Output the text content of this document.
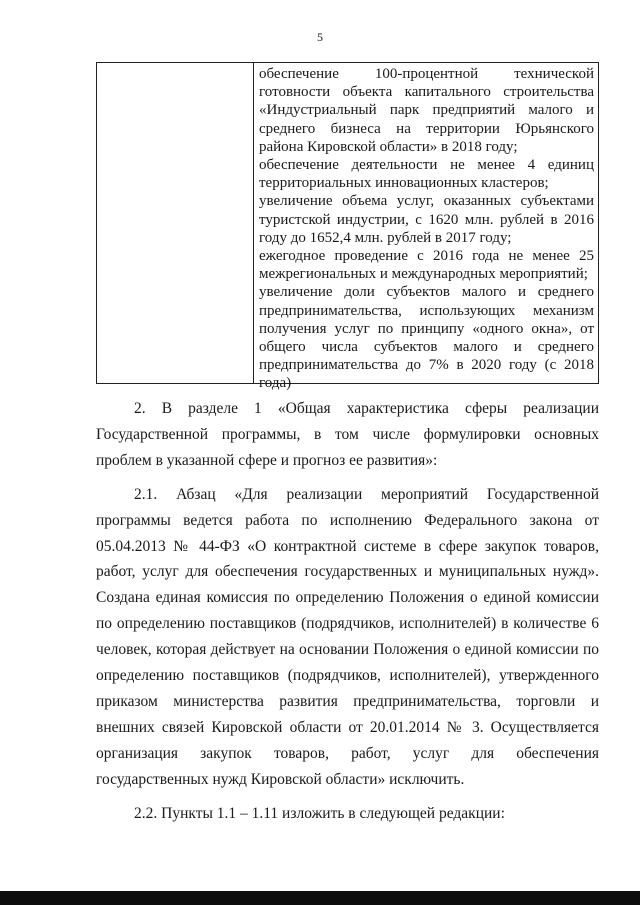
5

обеспечение 100-процентной технической готовности объекта капитального строительства «Индустриальный парк предприятий малого и среднего бизнеса на территории Юрьянского района Кировской области» в 2018 году;

обеспечение деятельности не менее 4 единиц территориальных инновационных кластеров;

увеличение объема услуг, оказанных субъектами туристской индустрии, с 1620 млн. рублей в 2016 году до 1652,4 млн. рублей в 2017 году;

ежегодное проведение с 2016 года не менее 25 межрегиональных и международных мероприятий;

увеличение доли субъектов малого и среднего предпринимательства, использующих механизм получения услуг по принципу «одного окна», от общего числа субъектов малого и среднего предпринимательства до 7% в 2020 году (с 2018 года)

2. В разделе 1 «Общая характеристика сферы реализации Государственной программы, в том числе формулировки основных проблем в указанной сфере и прогноз ее развития»:

2.1. Абзац «Для реализации мероприятий Государственной программы ведется работа по исполнению Федерального закона от 05.04.2013 № 44-ФЗ «О контрактной системе в сфере закупок товаров, работ, услуг для обеспечения государственных и муниципальных нужд». Создана единая комиссия по определению Положения о единой комиссии по определению поставщиков (подрядчиков, исполнителей) в количестве 6 человек, которая действует на основании Положения о единой комиссии по определению поставщиков (подрядчиков, исполнителей), утвержденного приказом министерства развития предпринимательства, торговли и внешних связей Кировской области от 20.01.2014 № 3. Осуществляется организация закупок товаров, работ, услуг для обеспечения государственных нужд Кировской области» исключить.

2.2. Пункты 1.1 – 1.11 изложить в следующей редакции:
